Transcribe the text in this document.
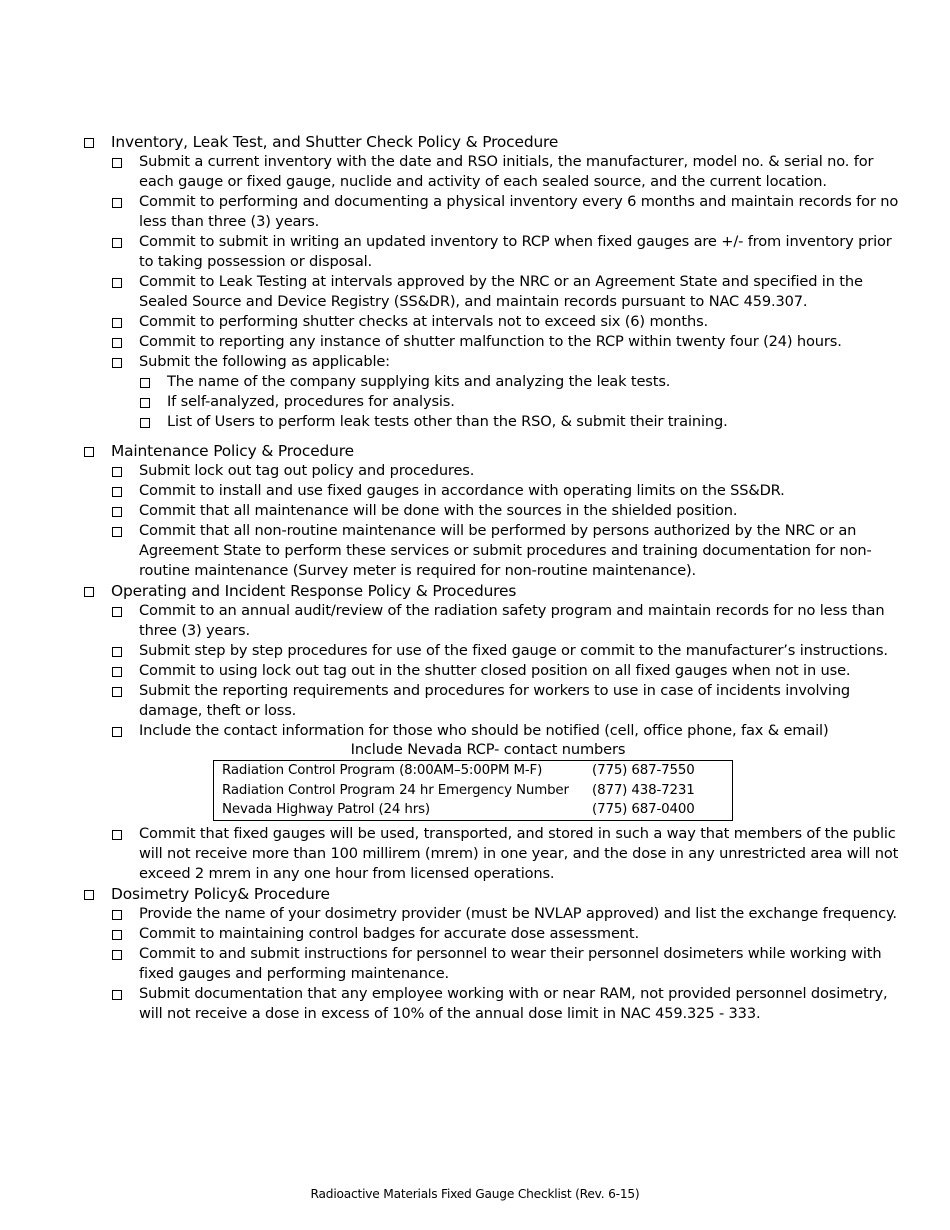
Inventory, Leak Test, and Shutter Check Policy & Procedure
Submit a current inventory with the date and RSO initials, the manufacturer, model no. & serial no. for each gauge or fixed gauge, nuclide and activity of each sealed source, and the current location.
Commit to performing and documenting a physical inventory every 6 months and maintain records for no less than three (3) years.
Commit to submit in writing an updated inventory to RCP when fixed gauges are +/- from inventory prior to taking possession or disposal.
Commit to Leak Testing at intervals approved by the NRC or an Agreement State and specified in the Sealed Source and Device Registry (SS&DR), and maintain records pursuant to NAC 459.307.
Commit to performing shutter checks at intervals not to exceed six (6) months.
Commit to reporting any instance of shutter malfunction to the RCP within twenty four (24) hours.
Submit the following as applicable:
The name of the company supplying kits and analyzing the leak tests.
If self-analyzed, procedures for analysis.
List of Users to perform leak tests other than the RSO, & submit their training.
Maintenance Policy & Procedure
Submit lock out tag out policy and procedures.
Commit to install and use fixed gauges in accordance with operating limits on the SS&DR.
Commit that all maintenance will be done with the sources in the shielded position.
Commit that all non-routine maintenance will be performed by persons authorized by the NRC or an Agreement State to perform these services or submit procedures and training documentation for non-routine maintenance (Survey meter is required for non-routine maintenance).
Operating and Incident Response Policy & Procedures
Commit to an annual audit/review of the radiation safety program and maintain records for no less than three (3) years.
Submit step by step procedures for use of the fixed gauge or commit to the manufacturer’s instructions.
Commit to using lock out tag out in the shutter closed position on all fixed gauges when not in use.
Submit the reporting requirements and procedures for workers to use in case of incidents involving damage, theft or loss.
Include the contact information for those who should be notified (cell, office phone, fax & email)
Include Nevada RCP- contact numbers
Radiation Control Program (8:00AM–5:00PM M-F)	(775) 687-7550
Radiation Control Program 24 hr Emergency Number	(877) 438-7231
Nevada Highway Patrol (24 hrs)	(775) 687-0400
Commit that fixed gauges will be used, transported, and stored in such a way that members of the public will not receive more than 100 millirem (mrem) in one year, and the dose in any unrestricted area will not exceed 2 mrem in any one hour from licensed operations.
Dosimetry Policy& Procedure
Provide the name of your dosimetry provider (must be NVLAP approved) and list the exchange frequency.
Commit to maintaining control badges for accurate dose assessment.
Commit to and submit instructions for personnel to wear their personnel dosimeters while working with fixed gauges and performing maintenance.
Submit documentation that any employee working with or near RAM, not provided personnel dosimetry, will not receive a dose in excess of 10% of the annual dose limit in NAC 459.325 - 333.
Radioactive Materials Fixed Gauge Checklist (Rev. 6-15)
